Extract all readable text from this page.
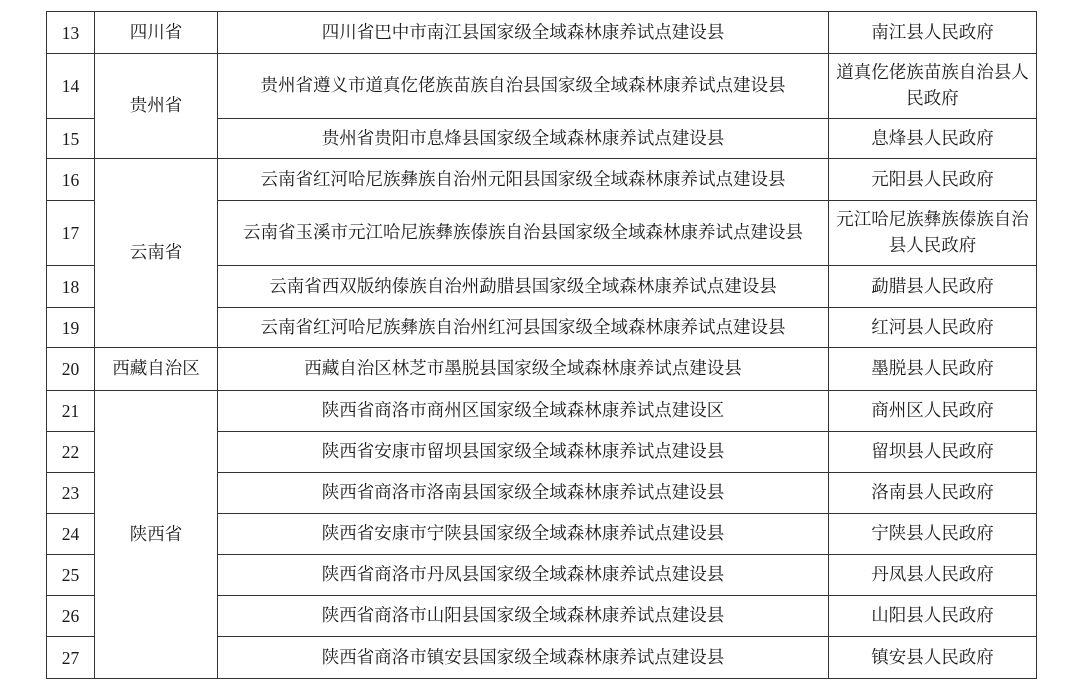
13	四川省	四川省巴中市南江县国家级全域森林康养试点建设县	南江县人民政府
14	贵州省	贵州省遵义市道真仡佬族苗族自治县国家级全域森林康养试点建设县	道真仡佬族苗族自治县人民政府
15		贵州省贵阳市息烽县国家级全域森林康养试点建设县	息烽县人民政府
16	云南省	云南省红河哈尼族彝族自治州元阳县国家级全域森林康养试点建设县	元阳县人民政府
17		云南省玉溪市元江哈尼族彝族傣族自治县国家级全域森林康养试点建设县	元江哈尼族彝族傣族自治县人民政府
18		云南省西双版纳傣族自治州勐腊县国家级全域森林康养试点建设县	勐腊县人民政府
19		云南省红河哈尼族彝族自治州红河县国家级全域森林康养试点建设县	红河县人民政府
20	西藏自治区	西藏自治区林芝市墨脱县国家级全域森林康养试点建设县	墨脱县人民政府
21	陕西省	陕西省商洛市商州区国家级全域森林康养试点建设区	商州区人民政府
22		陕西省安康市留坝县国家级全域森林康养试点建设县	留坝县人民政府
23		陕西省商洛市洛南县国家级全域森林康养试点建设县	洛南县人民政府
24		陕西省安康市宁陕县国家级全域森林康养试点建设县	宁陕县人民政府
25		陕西省商洛市丹凤县国家级全域森林康养试点建设县	丹凤县人民政府
26		陕西省商洛市山阳县国家级全域森林康养试点建设县	山阳县人民政府
27		陕西省商洛市镇安县国家级全域森林康养试点建设县	镇安县人民政府
